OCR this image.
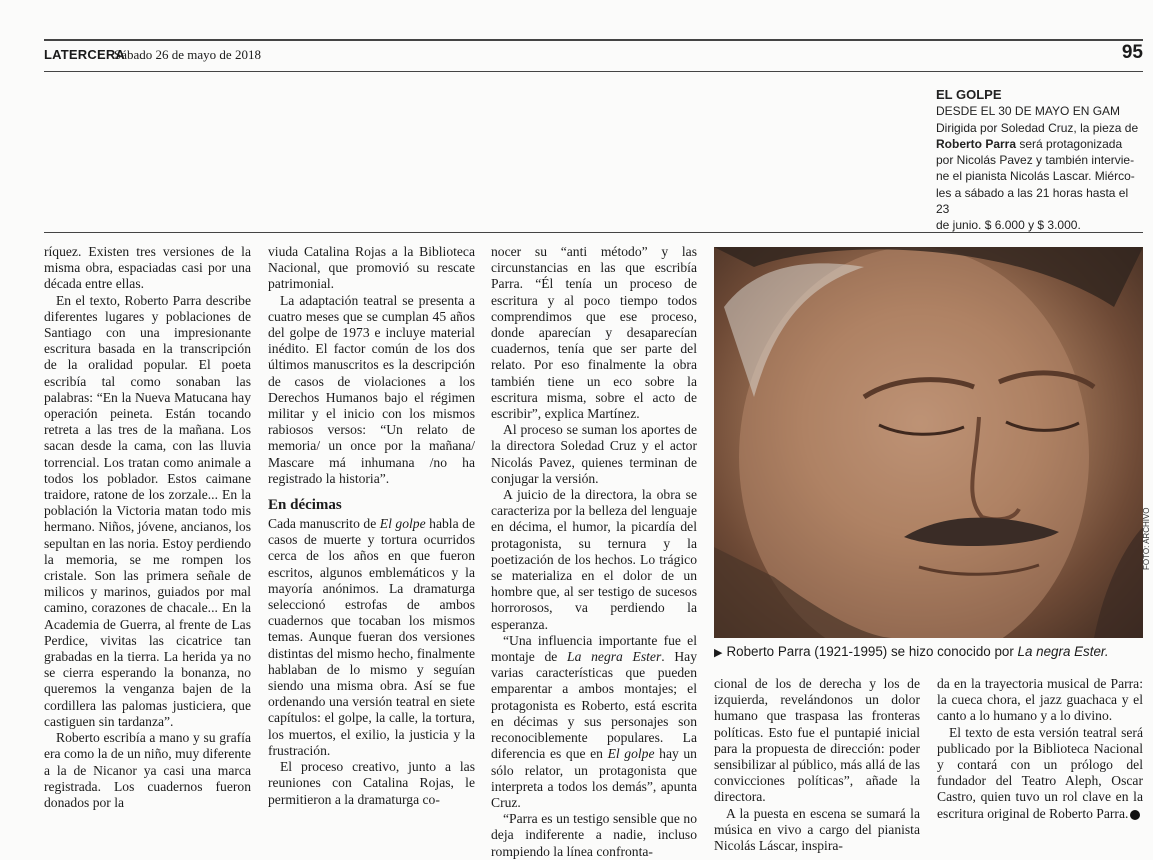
LATERCERA
Sábado 26 de mayo de 2018	95

EL GOLPE

DESDE EL 30 DE MAYO EN GAM

Dirigida por Soledad Cruz, la pieza de

Roberto Parra será protagonizada

por Nicolás Pavez y también intervie-

ne el pianista Nicolás Lascar. Miérco-

les a sábado a las 21 horas hasta el 23

de junio. $ 6.000 y $ 3.000.

ríquez. Existen tres versiones de la misma obra, espaciadas casi por una década entre ellas.

En el texto, Roberto Parra describe diferentes lugares y poblaciones de Santiago con una impresionante escritura basada en la transcripción de la oralidad popular. El poeta escribía tal como sonaban las palabras: “En la Nueva Matucana hay operación peineta. Están tocando retreta a las tres de la mañana. Los sacan desde la cama, con las lluvia torrencial. Los tratan como animale a todos los poblador. Estos caimane traidore, ratone de los zorzale... En la población la Victoria matan todo mis hermano. Niños, jóvene, ancianos, los sepultan en las noria. Estoy perdiendo la memoria, se me rompen los cristale. Son las primera señale de milicos y marinos, guiados por mal camino, corazones de chacale... En la Academia de Guerra, al frente de Las Perdice, vivitas las cicatrice tan grabadas en la tierra. La herida ya no se cierra esperando la bonanza, no queremos la venganza bajen de la cordillera las palomas justiciera, que castiguen sin tardanza”.

Roberto escribía a mano y su grafía era como la de un niño, muy diferente a la de Nicanor ya casi una marca registrada. Los cuadernos fueron donados por la

viuda Catalina Rojas a la Biblioteca Nacional, que promovió su rescate patrimonial.

La adaptación teatral se presenta a cuatro meses que se cumplan 45 años del golpe de 1973 e incluye material inédito. El factor común de los dos últimos manuscritos es la descripción de casos de violaciones a los Derechos Humanos bajo el régimen militar y el inicio con los mismos rabiosos versos: “Un relato de memoria/ un once por la mañana/ Mascare má inhumana /no ha registrado la historia”.

En décimas

Cada manuscrito de El golpe habla de casos de muerte y tortura ocurridos cerca de los años en que fueron escritos, algunos emblemáticos y la mayoría anónimos. La dramaturga seleccionó estrofas de ambos cuadernos que tocaban los mismos temas. Aunque fueran dos versiones distintas del mismo hecho, finalmente hablaban de lo mismo y seguían siendo una misma obra. Así se fue ordenando una versión teatral en siete capítulos: el golpe, la calle, la tortura, los muertos, el exilio, la justicia y la frustración.

El proceso creativo, junto a las reuniones con Catalina Rojas, le permitieron a la dramaturga co-

nocer su “anti método” y las circunstancias en las que escribía Parra. “Él tenía un proceso de escritura y al poco tiempo todos comprendimos que ese proceso, donde aparecían y desaparecían cuadernos, tenía que ser parte del relato. Por eso finalmente la obra también tiene un eco sobre la escritura misma, sobre el acto de escribir”, explica Martínez.

Al proceso se suman los aportes de la directora Soledad Cruz y el actor Nicolás Pavez, quienes terminan de conjugar la versión.

A juicio de la directora, la obra se caracteriza por la belleza del lenguaje en décima, el humor, la picardía del protagonista, su ternura y la poetización de los hechos. Lo trágico se materializa en el dolor de un hombre que, al ser testigo de sucesos horrorosos, va perdiendo la esperanza.

“Una influencia importante fue el montaje de La negra Ester. Hay varias características que pueden emparentar a ambos montajes; el protagonista es Roberto, está escrita en décimas y sus personajes son reconociblemente populares. La diferencia es que en El golpe hay un sólo relator, un protagonista que interpreta a todos los demás”, apunta Cruz.

“Parra es un testigo sensible que no deja indiferente a nadie, incluso rompiendo la línea confronta-

FOTO: ARCHIVO
▶ Roberto Parra (1921-1995) se hizo conocido por La negra Ester.

cional de los de derecha y los de izquierda, revelándonos un dolor humano que traspasa las fronteras políticas. Esto fue el puntapié inicial para la propuesta de dirección: poder sensibilizar al público, más allá de las convicciones políticas”, añade la directora.

A la puesta en escena se sumará la música en vivo a cargo del pianista Nicolás Láscar, inspira-

da en la trayectoria musical de Parra: la cueca chora, el jazz guachaca y el canto a lo humano y a lo divino.

El texto de esta versión teatral será publicado por la Biblioteca Nacional y contará con un prólogo del fundador del Teatro Aleph, Oscar Castro, quien tuvo un rol clave en la escritura original de Roberto Parra.
